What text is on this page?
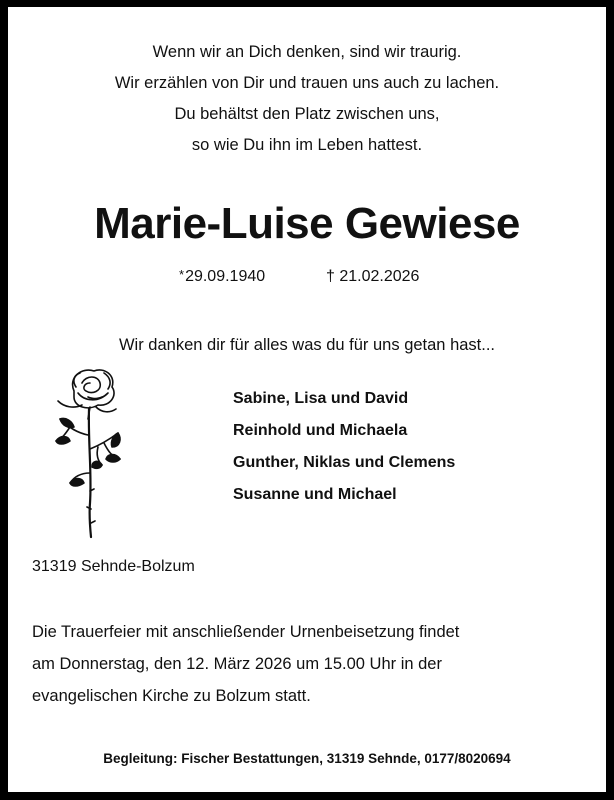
Wenn wir an Dich denken, sind wir traurig.
Wir erzählen von Dir und trauen uns auch zu lachen.
Du behältst den Platz zwischen uns,
so wie Du ihn im Leben hattest.
Marie-Luise Gewiese
*29.09.1940	† 21.02.2026
Wir danken dir für alles was du für uns getan hast...
Sabine, Lisa und David
Reinhold und Michaela
Gunther, Niklas und Clemens
Susanne und Michael
31319 Sehnde-Bolzum
Die Trauerfeier mit anschließender Urnenbeisetzung findet
am Donnerstag, den 12. März 2026 um 15.00 Uhr in der
evangelischen Kirche zu Bolzum statt.
Begleitung: Fischer Bestattungen, 31319 Sehnde, 0177/8020694
